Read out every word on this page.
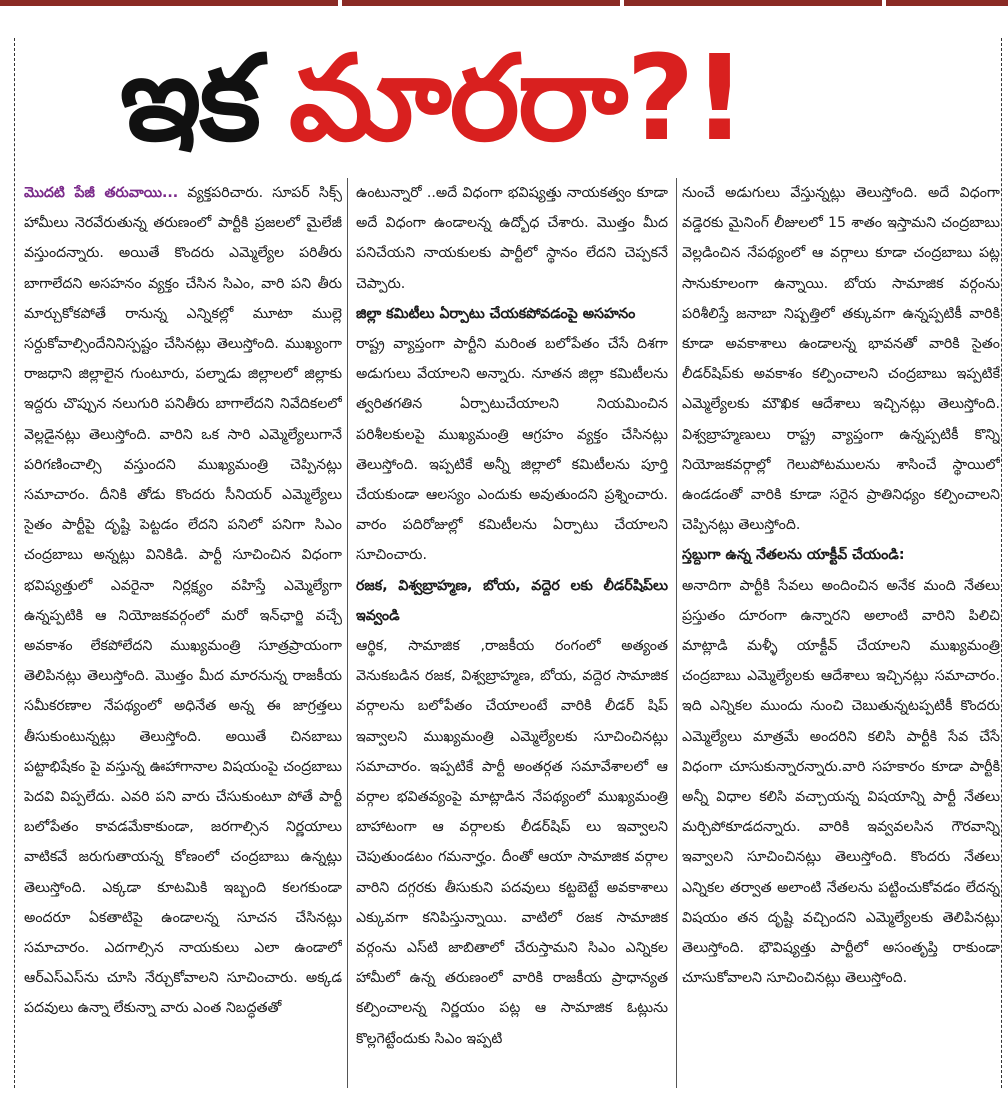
ఇక మారరా?!

మొదటి పేజీ తరువాయి... వ్యక్తపరిచారు. సూపర్ సిక్స్ హామీలు నెరవేరుతున్న తరుణంలో పార్టీకి ప్రజలలో మైలేజీ వస్తుందన్నారు. అయితే కొందరు ఎమ్మెల్యేల పరితీరు బాగాలేదని అసహనం వ్యక్తం చేసిన సిఎం, వారి పని తీరు మార్చుకోకపోతే రానున్న ఎన్నికల్లో మూటా ముల్లె సర్దుకోవాల్సిందేనినిస్పష్టం చేసినట్లు తెలుస్తోంది. ముఖ్యంగా రాజధాని జిల్లాలైన గుంటూరు, పల్నాడు జిల్లాలలో జిల్లాకు ఇద్దరు చొప్పున నలుగురి పనితీరు బాగాలేదని నివేదికలలో వెల్లడైనట్లు తెలుస్తోంది. వారిని ఒక సారి ఎమ్మెల్యేలుగానే పరిగణించాల్సి వస్తుందని ముఖ్యమంత్రి చెప్పినట్లు సమాచారం. దీనికి తోడు కొందరు సీనియర్ ఎమ్మెల్యేలు సైతం పార్టీపై దృష్టి పెట్టడం లేదని పనిలో పనిగా సిఎం చంద్రబాబు అన్నట్లు వినికిడి. పార్టీ సూచించిన విధంగా భవిష్యత్తులో ఎవరైనా నిర్లక్ష్యం వహిస్తే ఎమ్మెల్యేగా ఉన్నప్పటికి ఆ నియోజకవర్గంలో మరో ఇన్‌ఛార్జి వచ్చే అవకాశం లేకపోలేదని ముఖ్యమంత్రి సూత్రప్రాయంగా తెలిపినట్లు తెలుస్తోంది. మొత్తం మీద మారనున్న రాజకీయ సమీకరణాల నేపథ్యంలో అధినేత అన్న ఈ జాగ్రత్తలు తీసుకుంటున్నట్లు తెలుస్తోంది. అయితే చినబాబు పట్టాభిషేకం పై వస్తున్న ఊహాగానాల విషయంపై చంద్రబాబు పెదవి విప్పలేదు. ఎవరి పని వారు చేసుకుంటూ పోతే పార్టీ బలోపేతం కావడమేకాకుండా, జరగాల్సిన నిర్ణయాలు వాటికవే జరుగుతాయన్న కోణంలో చంద్రబాబు ఉన్నట్లు తెలుస్తోంది. ఎక్కడా కూటమికి ఇబ్బంది కలగకుండా అందరూ ఏకతాటిపై ఉండాలన్న సూచన చేసినట్లు సమాచారం. ఎదగాల్సిన నాయకులు ఎలా ఉండాలో ఆర్‌ఎస్‌ఎస్‌ను చూసి నేర్చుకోవాలని సూచించారు. అక్కడ పదవులు ఉన్నా లేకున్నా వారు ఎంత నిబద్ధతతో

ఉంటున్నారో ..అదే విధంగా భవిష్యత్తు నాయకత్వం కూడా అదే విధంగా ఉండాలన్న ఉద్బోధ చేశారు. మొత్తం మీద పనిచేయని నాయకులకు పార్టీలో స్థానం లేదని చెప్పకనే చెప్పారు.

జిల్లా కమిటీలు ఏర్పాటు చేయకపోవడంపై అసహనం

రాష్ట్ర వ్యాప్తంగా పార్టీని మరింత బలోపేతం చేసే దిశగా అడుగులు వేయాలని అన్నారు. నూతన జిల్లా కమిటీలను త్వరితగతిన ఏర్పాటుచేయాలని నియమించిన పరిశీలకులపై ముఖ్యమంత్రి ఆగ్రహం వ్యక్తం చేసినట్లు తెలుస్తోంది. ఇప్పటికే అన్నీ జిల్లాలో కమిటీలను పూర్తి చేయకుండా ఆలస్యం ఎందుకు అవుతుందని ప్రశ్నించారు. వారం పదిరోజుల్లో కమిటీలను ఏర్పాటు చేయాలని సూచించారు.

రజక, విశ్వబ్రాహ్మణ, బోయ, వద్దెర లకు లీడర్‌షిప్‌లు ఇవ్వండి

ఆర్థిక, సామాజిక ,రాజకీయ రంగంలో అత్యంత వెనుకబడిన రజక, విశ్వబ్రాహ్మణ, బోయ, వద్దెర సామాజిక వర్గాలను బలోపేతం చేయాలంటే వారికి లీడర్ షిప్ ఇవ్వాలని ముఖ్యమంత్రి ఎమ్మెల్యేలకు సూచించినట్లు సమాచారం. ఇప్పటికే పార్టీ అంతర్గత సమావేశాలలో ఆ వర్గాల భవితవ్యంపై మాట్లాడిన నేపథ్యంలో ముఖ్యమంత్రి బాహాటంగా ఆ వర్గాలకు లీడర్‌షిప్ లు ఇవ్వాలని చెపుతుండటం గమనార్హం. దీంతో ఆయా సామాజిక వర్గాల వారిని దగ్గరకు తీసుకుని పదవులు కట్టబెట్టే అవకాశాలు ఎక్కువగా కనిపిస్తున్నాయి. వాటిలో రజక సామాజిక వర్గంను ఎస్‌టి జాబితాలో చేరుస్తామని సిఎం ఎన్నికల హామీలో ఉన్న తరుణంలో వారికి రాజకీయ ప్రాధాన్యత కల్పించాలన్న నిర్ణయం పట్ల ఆ సామాజిక ఓట్లును కొల్లగెట్టేందుకు సిఎం ఇప్పటి

నుంచే అడుగులు వేస్తున్నట్లు తెలుస్తోంది. అదే విధంగా వడ్డెరకు మైనింగ్ లీజులలో 15 శాతం ఇస్తామని చంద్రబాబు వెల్లడించిన నేపథ్యంలో ఆ వర్గాలు కూడా చంద్రబాబు పట్ల సానుకూలంగా ఉన్నాయి. బోయ సామాజిక వర్గంను పరిశీలిస్తే జనాబా నిష్పత్తిలో తక్కువగా ఉన్నప్పటికీ వారికి కూడా అవకాశాలు ఉండాలన్న భావనతో వారికి సైతం లీడర్‌షిప్‌కు అవకాశం కల్పించాలని చంద్రబాబు ఇప్పటికే ఎమ్మెల్యేలకు మౌఖిక ఆదేశాలు ఇచ్చినట్లు తెలుస్తోంది. విశ్వబ్రాహ్మణులు రాష్ట్ర వ్యాప్తంగా ఉన్నప్పటికీ కొన్ని నియోజకవర్గాల్లో గెలుపోటములను శాసించే స్థాయిలో ఉండడంతో వారికి కూడా సరైన ప్రాతినిధ్యం కల్పించాలని చెప్పినట్లు తెలుస్తోంది.

స్తబ్దుగా ఉన్న నేతలను యాక్టీవ్ చేయండి:

అనాదిగా పార్టీకి సేవలు అందించిన అనేక మంది నేతలు ప్రస్తుతం దూరంగా ఉన్నారని అలాంటి వారిని పిలిచి మాట్లాడి మళ్ళీ యాక్టీవ్ చేయాలని ముఖ్యమంత్రి చంద్రబాబు ఎమ్మెల్యేలకు ఆదేశాలు ఇచ్చినట్లు సమాచారం. ఇది ఎన్నికల ముందు నుంచి చెబుతున్నటప్పటికీ కొందరు ఎమ్మెల్యేలు మాత్రమే అందరిని కలిసి పార్టీకి సేవ చేసే విధంగా చూసుకున్నారన్నారు.వారి సహకారం కూడా పార్టీకి అన్నీ విధాల కలిసి వచ్చాయన్న విషయాన్ని పార్టీ నేతలు మర్చిపోకూడదన్నారు. వారికి ఇవ్వవలసిన గౌరవాన్ని ఇవ్వాలని సూచించినట్లు తెలుస్తోంది. కొందరు నేతలు ఎన్నికల తర్వాత అలాంటి నేతలను పట్టించుకోవడం లేదన్న విషయం తన దృష్టి వచ్చిందని ఎమ్మెల్యేలకు తెలిపినట్లు తెలుస్తోంది. భౌవిష్యత్తు పార్టీలో అసంతృప్తి రాకుండా చూసుకోవాలని సూచించినట్లు తెలుస్తోంది.
